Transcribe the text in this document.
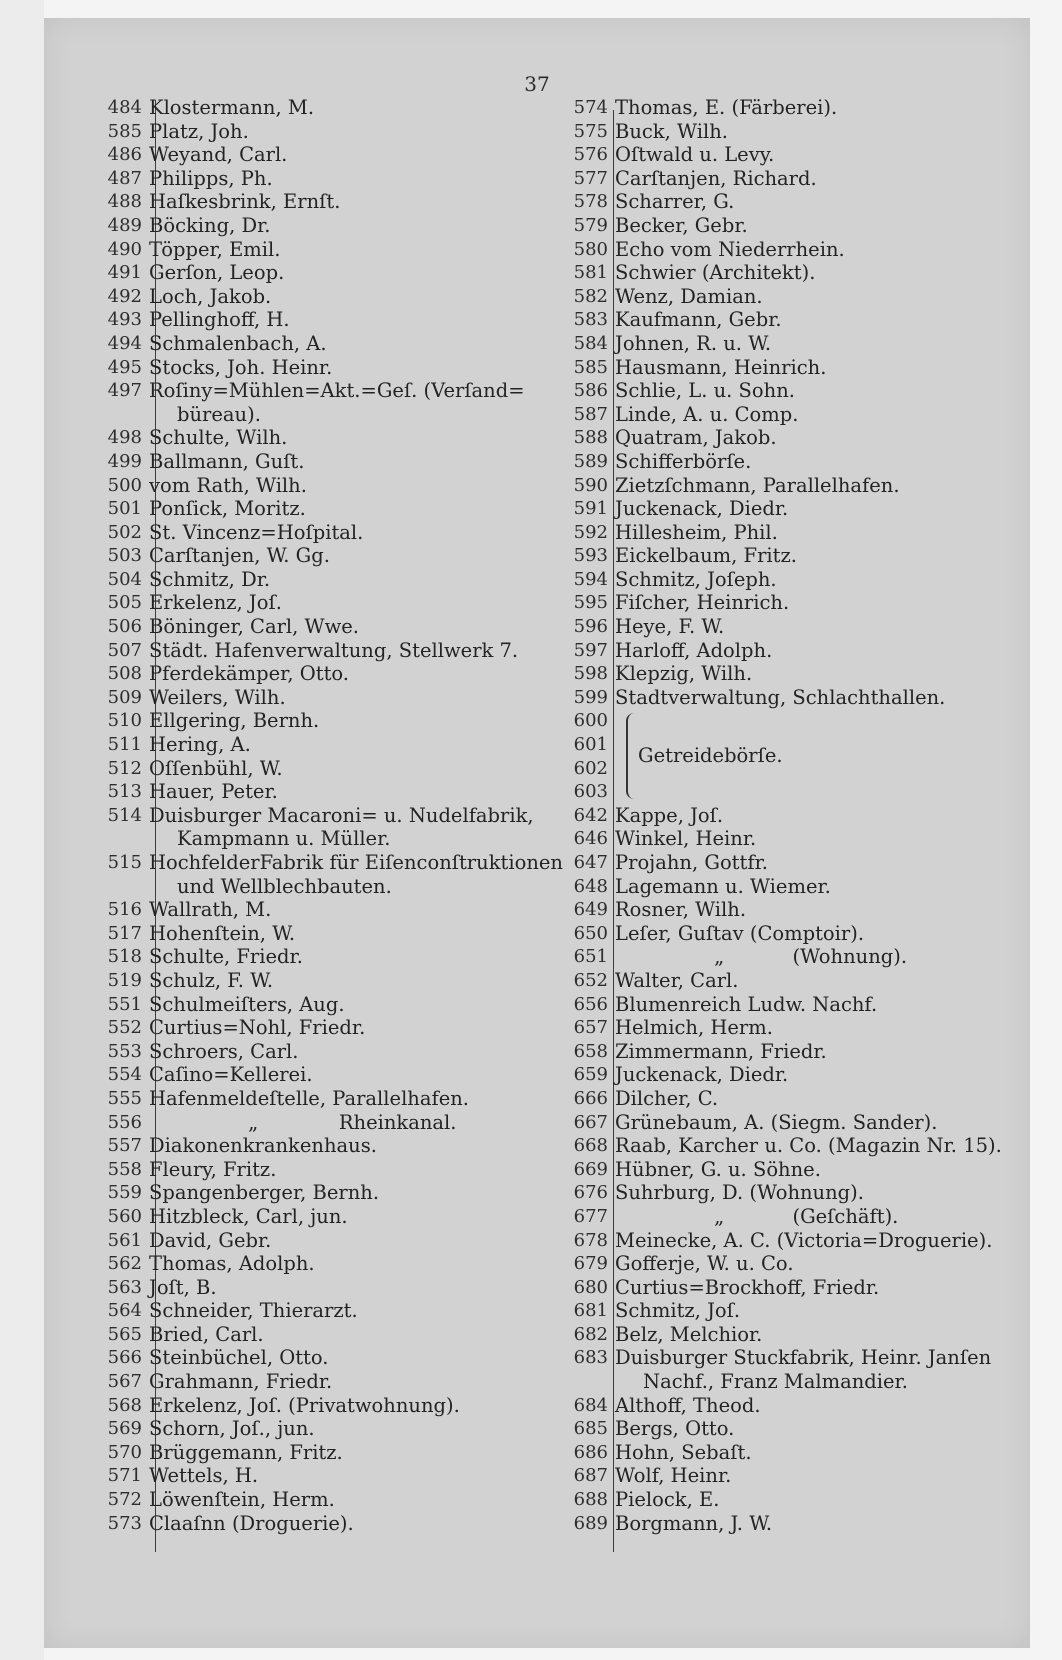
37
484 Klostermann, M.
585 Platz, Joh.
486 Weyand, Carl.
487 Philipps, Ph.
488 Haſkesbrink, Ernſt.
489 Böcking, Dr.
490 Töpper, Emil.
491 Gerſon, Leop.
492 Loch, Jakob.
493 Pellinghoff, H.
494 Schmalenbach, A.
495 Stocks, Joh. Heinr.
497 Roſiny=Mühlen=Akt.=Geſ. (Verſand=
büreau).
498 Schulte, Wilh.
499 Ballmann, Guſt.
500 vom Rath, Wilh.
501 Ponſick, Moritz.
502 St. Vincenz=Hoſpital.
503 Carſtanjen, W. Gg.
504 Schmitz, Dr.
505 Erkelenz, Joſ.
506 Böninger, Carl, Wwe.
507 Städt. Hafenverwaltung, Stellwerk 7.
508 Pferdekämper, Otto.
509 Weilers, Wilh.
510 Ellgering, Bernh.
511 Hering, A.
512 Oſſenbühl, W.
513 Hauer, Peter.
514 Duisburger Macaroni= u. Nudelfabrik,
Kampmann u. Müller.
515 HochfelderFabrik für Eiſenconſtruktionen
und Wellblechbauten.
516 Wallrath, M.
517 Hohenſtein, W.
518 Schulte, Friedr.
519 Schulz, F. W.
551 Schulmeiſters, Aug.
552 Curtius=Nohl, Friedr.
553 Schroers, Carl.
554 Caſino=Kellerei.
555 Hafenmeldeſtelle, Parallelhafen.
556 „             Rheinkanal.
557 Diakonenkrankenhaus.
558 Fleury, Fritz.
559 Spangenberger, Bernh.
560 Hitzbleck, Carl, jun.
561 David, Gebr.
562 Thomas, Adolph.
563 Joſt, B.
564 Schneider, Thierarzt.
565 Bried, Carl.
566 Steinbüchel, Otto.
567 Grahmann, Friedr.
568 Erkelenz, Joſ. (Privatwohnung).
569 Schorn, Joſ., jun.
570 Brüggemann, Fritz.
571 Wettels, H.
572 Löwenſtein, Herm.
573 Claaſnn (Droguerie).
574 Thomas, E. (Färberei).
575 Buck, Wilh.
576 Oſtwald u. Levy.
577 Carſtanjen, Richard.
578 Scharrer, G.
579 Becker, Gebr.
580 Echo vom Niederrhein.
581 Schwier (Architekt).
582 Wenz, Damian.
583 Kaufmann, Gebr.
584 Johnen, R. u. W.
585 Hausmann, Heinrich.
586 Schlie, L. u. Sohn.
587 Linde, A. u. Comp.
588 Quatram, Jakob.
589 Schifferbörſe.
590 Zietzſchmann, Parallelhafen.
591 Juckenack, Diedr.
592 Hillesheim, Phil.
593 Eickelbaum, Fritz.
594 Schmitz, Joſeph.
595 Fiſcher, Heinrich.
596 Heye, F. W.
597 Harloff, Adolph.
598 Klepzig, Wilh.
599 Stadtverwaltung, Schlachthallen.
600
601
602
603
Getreidebörſe.
642 Kappe, Joſ.
646 Winkel, Heinr.
647 Projahn, Gottfr.
648 Lagemann u. Wiemer.
649 Rosner, Wilh.
650 Leſer, Guſtav (Comptoir).
651 „           (Wohnung).
652 Walter, Carl.
656 Blumenreich Ludw. Nachf.
657 Helmich, Herm.
658 Zimmermann, Friedr.
659 Juckenack, Diedr.
666 Dilcher, C.
667 Grünebaum, A. (Siegm. Sander).
668 Raab, Karcher u. Co. (Magazin Nr. 15).
669 Hübner, G. u. Söhne.
676 Suhrburg, D. (Wohnung).
677 „           (Geſchäft).
678 Meinecke, A. C. (Victoria=Droguerie).
679 Gofferje, W. u. Co.
680 Curtius=Brockhoff, Friedr.
681 Schmitz, Joſ.
682 Belz, Melchior.
683 Duisburger Stuckfabrik, Heinr. Janſen
Nachf., Franz Malmandier.
684 Althoff, Theod.
685 Bergs, Otto.
686 Hohn, Sebaſt.
687 Wolf, Heinr.
688 Pielock, E.
689 Borgmann, J. W.
